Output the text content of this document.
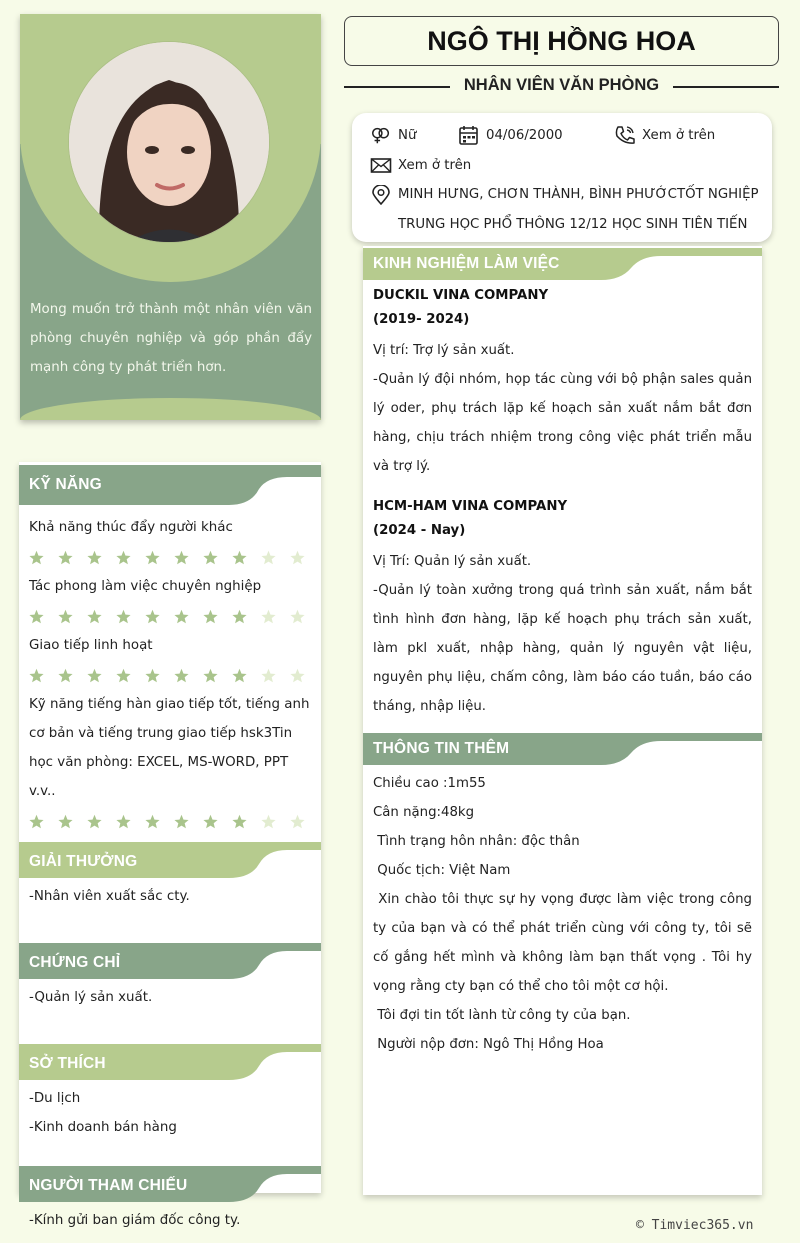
Mong muốn trở thành một nhân viên văn phòng chuyên nghiệp và góp phần đẩy mạnh công ty phát triển hơn.

KỸ NĂNG
Khả năng thúc đẩy người khác
Tác phong làm việc chuyên nghiệp
Giao tiếp linh hoạt
Kỹ năng tiếng hàn giao tiếp tốt, tiếng anh cơ bản và tiếng trung giao tiếp hsk3Tin học văn phòng: EXCEL, MS-WORD, PPT v.v..
GIẢI THƯỞNG
-Nhân viên xuất sắc cty.
CHỨNG CHỈ
-Quản lý sản xuất.
SỞ THÍCH
-Du lịch
-Kinh doanh bán hàng
NGƯỜI THAM CHIẾU
-Kính gửi ban giám đốc công ty.
NGÔ THỊ HỒNG HOA
NHÂN VIÊN VĂN PHÒNG
Nữ	04/06/2000	Xem ở trên
Xem ở trên
MINH HƯNG, CHƠN THÀNH, BÌNH PHƯỚCTỐT NGHIỆP
TRUNG HỌC PHỔ THÔNG 12/12 HỌC SINH TIÊN TIẾN
KINH NGHIỆM LÀM VIỆC
DUCKIL VINA COMPANY
(2019- 2024)
Vị trí: Trợ lý sản xuất.
-Quản lý đội nhóm, họp tác cùng với bộ phận sales quản lý oder, phụ trách lặp kế hoạch sản xuất nắm bắt đơn hàng, chịu trách nhiệm trong công việc phát triển mẫu và trợ lý.
HCM-HAM VINA COMPANY
(2024 - Nay)
Vị Trí: Quản lý sản xuất.
-Quản lý toàn xưởng trong quá trình sản xuất, nắm bắt tình hình đơn hàng, lặp kế hoạch phụ trách sản xuất, làm pkl xuất, nhập hàng, quản lý nguyên vật liệu, nguyên phụ liệu, chấm công, làm báo cáo tuần, báo cáo tháng, nhập liệu.
THÔNG TIN THÊM
Chiều cao :1m55
Cân nặng:48kg
Tình trạng hôn nhân: độc thân
Quốc tịch: Việt Nam
Xin chào tôi thực sự hy vọng được làm việc trong công ty của bạn và có thể phát triển cùng với công ty, tôi sẽ cố gắng hết mình và không làm bạn thất vọng . Tôi hy vọng rằng cty bạn có thể cho tôi một cơ hội.
Tôi đợi tin tốt lành từ công ty của bạn.
Người nộp đơn: Ngô Thị Hồng Hoa
© Timviec365.vn
